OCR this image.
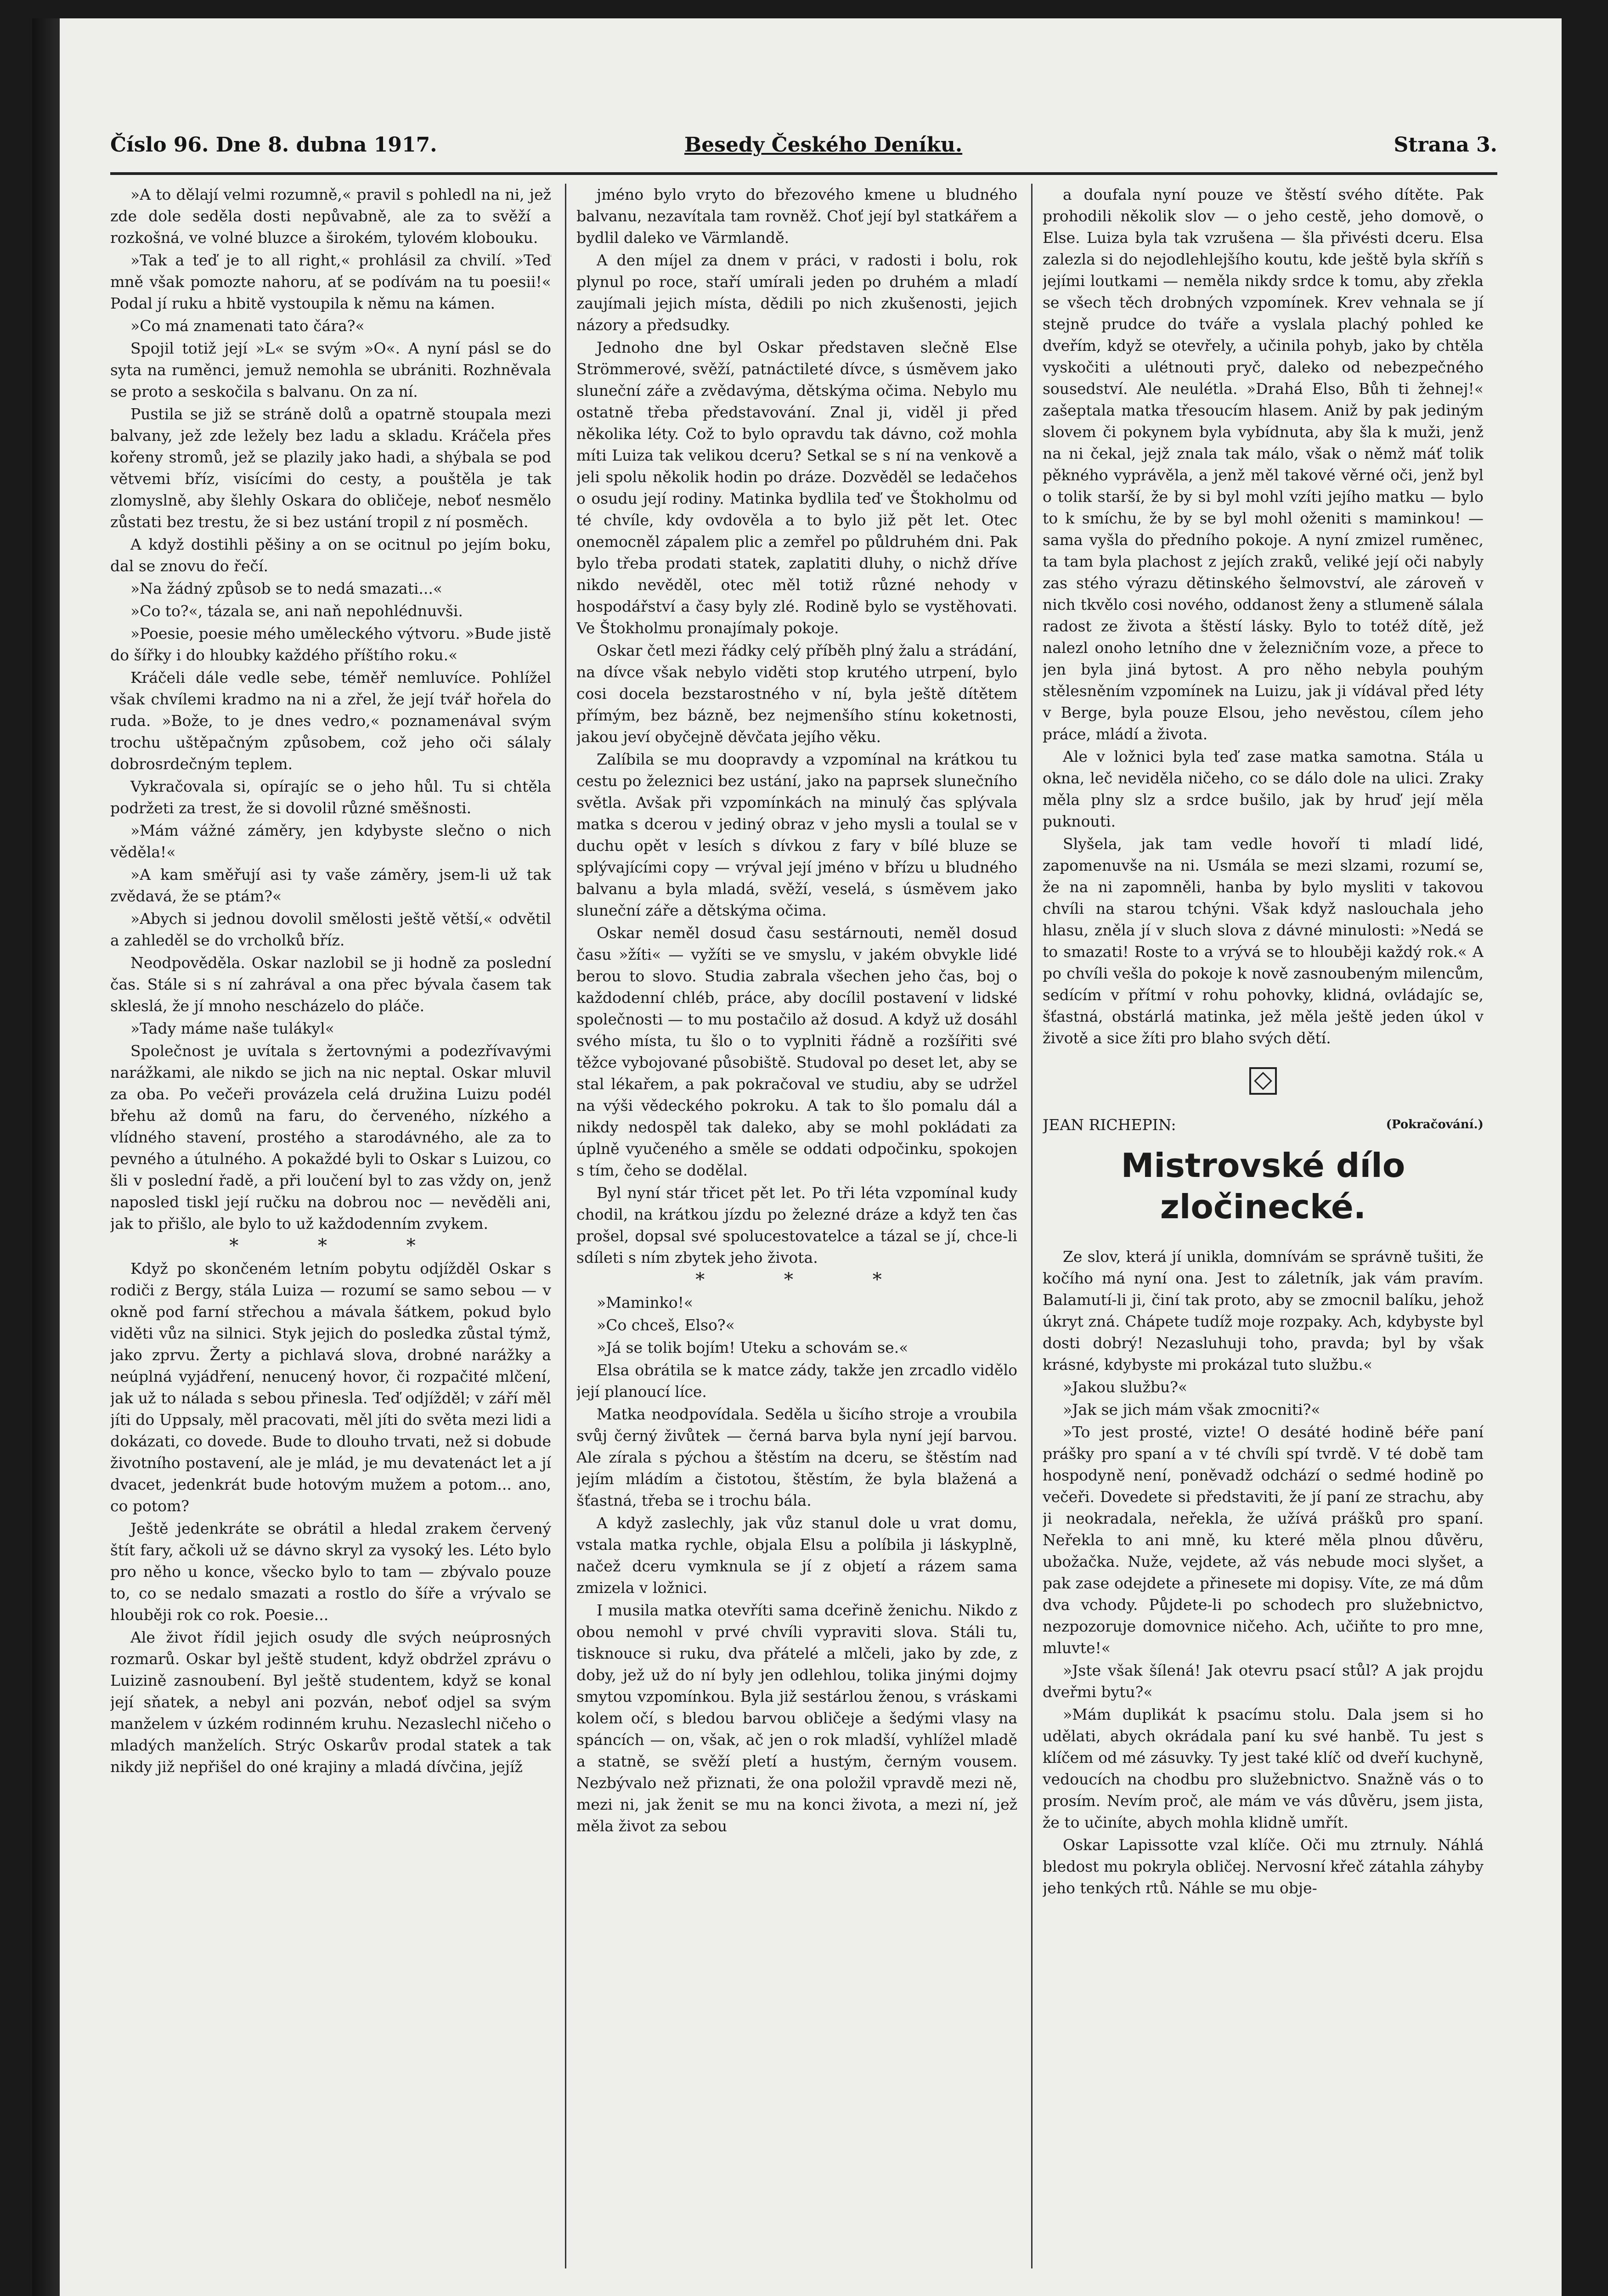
Číslo 96. Dne 8. dubna 1917.	Besedy Českého Deníku.	Strana 3.

»A to dělají velmi rozumně,« pravil s pohledl na ni, jež zde dole seděla dosti nepůvabně, ale za to svěží a rozkošná, ve volné bluzce a širokém, tylovém klobouku.

»Tak a teď je to all right,« prohlásil za chvilí. »Teď mně však pomozte nahoru, ať se podívám na tu poesii!« Podal jí ruku a hbitě vystoupila k němu na kámen.

»Co má znamenati tato čára?«

Spojil totiž její »L« se svým »O«. A nyní pásl se do syta na ruměnci, jemuž nemohla se ubrániti. Rozhněvala se proto a seskočila s balvanu. On za ní.

Pustila se již se stráně dolů a opatrně stoupala mezi balvany, jež zde ležely bez ladu a skladu. Kráčela přes kořeny stromů, jež se plazily jako hadi, a shýbala se pod větvemi bříz, visícími do cesty, a pouštěla je tak zlomyslně, aby šlehly Oskara do obličeje, neboť nesmělo zůstati bez trestu, že si bez ustání tropil z ní posměch.

A když dostihli pěšiny a on se ocitnul po jejím boku, dal se znovu do řečí.

»Na žádný způsob se to nedá smazati...«

»Co to?«, tázala se, ani naň nepohlédnuvši.

»Poesie, poesie mého uměleckého výtvoru. »Bude jistě do šířky i do hloubky každého příštího roku.«

Kráčeli dále vedle sebe, téměř nemluvíce. Pohlížel však chvílemi kradmo na ni a zřel, že její tvář hořela do ruda. »Bože, to je dnes vedro,« poznamenával svým trochu uštěpačným způsobem, což jeho oči sálaly dobrosrdečným teplem.

Vykračovala si, opírajíc se o jeho hůl. Tu si chtěla podržeti za trest, že si dovolil různé směšnosti.

»Mám vážné záměry, jen kdybyste slečno o nich věděla!«

»A kam směřují asi ty vaše záměry, jsem-li už tak zvědavá, že se ptám?«

»Abych si jednou dovolil smělosti ještě větší,« odvětil a zahleděl se do vrcholků bříz.

Neodpověděla. Oskar nazlobil se ji hodně za poslední čas. Stále si s ní zahrával a ona přec bývala časem tak skleslá, že jí mnoho nescházelo do pláče.

»Tady máme naše tulákyl«

Společnost je uvítala s žertovnými a podezřívavými narážkami, ale nikdo se jich na nic neptal. Oskar mluvil za oba. Po večeři provázela celá družina Luizu podél břehu až domů na faru, do červeného, nízkého a vlídného stavení, prostého a starodávného, ale za to pevného a útulného. A pokaždé byli to Oskar s Luizou, co šli v poslední řadě, a při loučení byl to zas vždy on, jenž naposled tiskl její ručku na dobrou noc — nevěděli ani, jak to přišlo, ale bylo to už každodenním zvykem.

* * *

Když po skončeném letním pobytu odjížděl Oskar s rodiči z Bergy, stála Luiza — rozumí se samo sebou — v okně pod farní střechou a mávala šátkem, pokud bylo viděti vůz na silnici. Styk jejich do posledka zůstal týmž, jako zprvu. Žerty a pichlavá slova, drobné narážky a neúplná vyjádření, nenucený hovor, či rozpačité mlčení, jak už to nálada s sebou přinesla. Teď odjížděl; v září měl jíti do Uppsaly, měl pracovati, měl jíti do světa mezi lidi a dokázati, co dovede. Bude to dlouho trvati, než si dobude životního postavení, ale je mlád, je mu devatenáct let a jí dvacet, jedenkrát bude hotovým mužem a potom... ano, co potom?

Ještě jedenkráte se obrátil a hledal zrakem červený štít fary, ačkoli už se dávno skryl za vysoký les. Léto bylo pro něho u konce, všecko bylo to tam — zbývalo pouze to, co se nedalo smazati a rostlo do šíře a vrývalo se hlouběji rok co rok. Poesie...

Ale život řídil jejich osudy dle svých neúprosných rozmarů. Oskar byl ještě student, když obdržel zprávu o Luizině zasnoubení. Byl ještě studentem, když se konal její sňatek, a nebyl ani pozván, neboť odjel sa svým manželem v úzkém rodinném kruhu. Nezaslechl ničeho o mladých manželích. Strýc Oskarův prodal statek a tak nikdy již nepřišel do oné krajiny a mladá dívčina, jejíž

jméno bylo vryto do březového kmene u bludného balvanu, nezavítala tam rovněž. Choť její byl statkářem a bydlil daleko ve Värmlandě.

A den míjel za dnem v práci, v radosti i bolu, rok plynul po roce, staří umírali jeden po druhém a mladí zaujímali jejich místa, dědili po nich zkušenosti, jejich názory a předsudky.

Jednoho dne byl Oskar představen slečně Else Strömmerové, svěží, patnáctileté dívce, s úsměvem jako sluneční záře a zvědavýma, dětskýma očima. Nebylo mu ostatně třeba představování. Znal ji, viděl ji před několika léty. Což to bylo opravdu tak dávno, což mohla míti Luiza tak velikou dceru? Setkal se s ní na venkově a jeli spolu několik hodin po dráze. Dozvěděl se ledačehos o osudu její rodiny. Matinka bydlila teď ve Štokholmu od té chvíle, kdy ovdověla a to bylo již pět let. Otec onemocněl zápalem plic a zemřel po půldruhém dni. Pak bylo třeba prodati statek, zaplatiti dluhy, o nichž dříve nikdo nevěděl, otec měl totiž různé nehody v hospodářství a časy byly zlé. Rodině bylo se vystěhovati. Ve Štokholmu pronajímaly pokoje.

Oskar četl mezi řádky celý příběh plný žalu a strádání, na dívce však nebylo viděti stop krutého utrpení, bylo cosi docela bezstarostného v ní, byla ještě dítětem přímým, bez bázně, bez nejmenšího stínu koketnosti, jakou jeví obyčejně děvčata jejího věku.

Zalíbila se mu doopravdy a vzpomínal na krátkou tu cestu po železnici bez ustání, jako na paprsek slunečního světla. Avšak při vzpomínkách na minulý čas splývala matka s dcerou v jediný obraz v jeho mysli a toulal se v duchu opět v lesích s dívkou z fary v bílé bluze se splývajícími copy — vrýval její jméno v břízu u bludného balvanu a byla mladá, svěží, veselá, s úsměvem jako sluneční záře a dětskýma očima.

Oskar neměl dosud času sestárnouti, neměl dosud času »žíti« — vyžíti se ve smyslu, v jakém obvykle lidé berou to slovo. Studia zabrala všechen jeho čas, boj o každodenní chléb, práce, aby docílil postavení v lidské společnosti — to mu postačilo až dosud. A když už dosáhl svého místa, tu šlo o to vyplniti řádně a rozšířiti své těžce vybojované působiště. Studoval po deset let, aby se stal lékařem, a pak pokračoval ve studiu, aby se udržel na výši vědeckého pokroku. A tak to šlo pomalu dál a nikdy nedospěl tak daleko, aby se mohl pokládati za úplně vyučeného a směle se oddati odpočinku, spokojen s tím, čeho se dodělal.

Byl nyní stár třicet pět let. Po tři léta vzpomínal kudy chodil, na krátkou jízdu po železné dráze a když ten čas prošel, dopsal své spolucestovatelce a tázal se jí, chce-li sdíleti s ním zbytek jeho života.

* * *

»Maminko!«

»Co chceš, Elso?«

»Já se tolik bojím! Uteku a schovám se.«

Elsa obrátila se k matce zády, takže jen zrcadlo vidělo její planoucí líce.

Matka neodpovídala. Seděla u šicího stroje a vroubila svůj černý živůtek — černá barva byla nyní její barvou. Ale zírala s pýchou a štěstím na dceru, se štěstím nad jejím mládím a čistotou, štěstím, že byla blažená a šťastná, třeba se i trochu bála.

A když zaslechly, jak vůz stanul dole u vrat domu, vstala matka rychle, objala Elsu a políbila ji láskyplně, načež dceru vymknula se jí z objetí a rázem sama zmizela v ložnici.

I musila matka otevříti sama dceřině ženichu. Nikdo z obou nemohl v prvé chvíli vypraviti slova. Stáli tu, tisknouce si ruku, dva přátelé a mlčeli, jako by zde, z doby, jež už do ní byly jen odlehlou, tolika jinými dojmy smytou vzpomínkou. Byla již sestárlou ženou, s vráskami kolem očí, s bledou barvou obličeje a šedými vlasy na spáncích — on, však, ač jen o rok mladší, vyhlížel mladě a statně, se svěží pletí a hustým, černým vousem. Nezbývalo než přiznati, že ona položil vpravdě mezi ně, mezi ni, jak ženit se mu na konci života, a mezi ní, jež měla život za sebou

a doufala nyní pouze ve štěstí svého dítěte. Pak prohodili několik slov — o jeho cestě, jeho domově, o Else. Luiza byla tak vzrušena — šla přivésti dceru. Elsa zalezla si do nejodlehlejšího koutu, kde ještě byla skříň s jejími loutkami — neměla nikdy srdce k tomu, aby zřekla se všech těch drobných vzpomínek. Krev vehnala se jí stejně prudce do tváře a vyslala plachý pohled ke dveřím, když se otevřely, a učinila pohyb, jako by chtěla vyskočiti a ulétnouti pryč, daleko od nebezpečného sousedství. Ale neulétla. »Drahá Elso, Bůh ti žehnej!« zašeptala matka třesoucím hlasem. Aniž by pak jediným slovem či pokynem byla vybídnuta, aby šla k muži, jenž na ni čekal, jejž znala tak málo, však o němž máť tolik pěkného vyprávěla, a jenž měl takové věrné oči, jenž byl o tolik starší, že by si byl mohl vzíti jejího matku — bylo to k smíchu, že by se byl mohl oženiti s maminkou! — sama vyšla do předního pokoje. A nyní zmizel ruměnec, ta tam byla plachost z jejích zraků, veliké její oči nabyly zas stého výrazu dětinského šelmovství, ale zároveň v nich tkvělo cosi nového, oddanost ženy a stlumeně sálala radost ze života a štěstí lásky. Bylo to totéž dítě, jež nalezl onoho letního dne v železničním voze, a přece to jen byla jiná bytost. A pro něho nebyla pouhým stělesněním vzpomínek na Luizu, jak ji vídával před léty v Berge, byla pouze Elsou, jeho nevěstou, cílem jeho práce, mládí a života.

Ale v ložnici byla teď zase matka samotna. Stála u okna, leč neviděla ničeho, co se dálo dole na ulici. Zraky měla plny slz a srdce bušilo, jak by hruď její měla puknouti.

Slyšela, jak tam vedle hovoří ti mladí lidé, zapomenuvše na ni. Usmála se mezi slzami, rozumí se, že na ni zapomněli, hanba by bylo mysliti v takovou chvíli na starou tchýni. Však když naslouchala jeho hlasu, zněla jí v sluch slova z dávné minulosti: »Nedá se to smazati! Roste to a vrývá se to hlouběji každý rok.« A po chvíli vešla do pokoje k nově zasnoubeným milencům, sedícím v přítmí v rohu pohovky, klidná, ovládajíc se, šťastná, obstárlá matinka, jež měla ještě jeden úkol v životě a sice žíti pro blaho svých dětí.

JEAN RICHEPIN:	(Pokračování.)
Mistrovské dílo zločinecké.

Ze slov, která jí unikla, domnívám se správně tušiti, že kočího má nyní ona. Jest to záletník, jak vám pravím. Balamutí-li ji, činí tak proto, aby se zmocnil balíku, jehož úkryt zná. Chápete tudíž moje rozpaky. Ach, kdybyste byl dosti dobrý! Nezasluhuji toho, pravda; byl by však krásné, kdybyste mi prokázal tuto službu.«

»Jakou službu?«

»Jak se jich mám však zmocniti?«

»To jest prosté, vizte! O desáté hodině béře paní prášky pro spaní a v té chvíli spí tvrdě. V té době tam hospodyně není, poněvadž odchází o sedmé hodině po večeři. Dovedete si představiti, že jí paní ze strachu, aby ji neokradala, neřekla, že užívá prášků pro spaní. Neřekla to ani mně, ku které měla plnou důvěru, ubožačka. Nuže, vejdete, až vás nebude moci slyšet, a pak zase odejdete a přinesete mi dopisy. Víte, ze má dům dva vchody. Půjdete-li po schodech pro služebnictvo, nezpozoruje domovnice ničeho. Ach, učiňte to pro mne, mluvte!«

»Jste však šílená! Jak otevru psací stůl? A jak projdu dveřmi bytu?«

»Mám duplikát k psacímu stolu. Dala jsem si ho udělati, abych okrádala paní ku své hanbě. Tu jest s klíčem od mé zásuvky. Ty jest také klíč od dveří kuchyně, vedoucích na chodbu pro služebnictvo. Snažně vás o to prosím. Nevím proč, ale mám ve vás důvěru, jsem jista, že to učiníte, abych mohla klidně umřít.

Oskar Lapissotte vzal klíče. Oči mu ztrnuly. Náhlá bledost mu pokryla obličej. Nervosní křeč zátahla záhyby jeho tenkých rtů. Náhle se mu obje-
